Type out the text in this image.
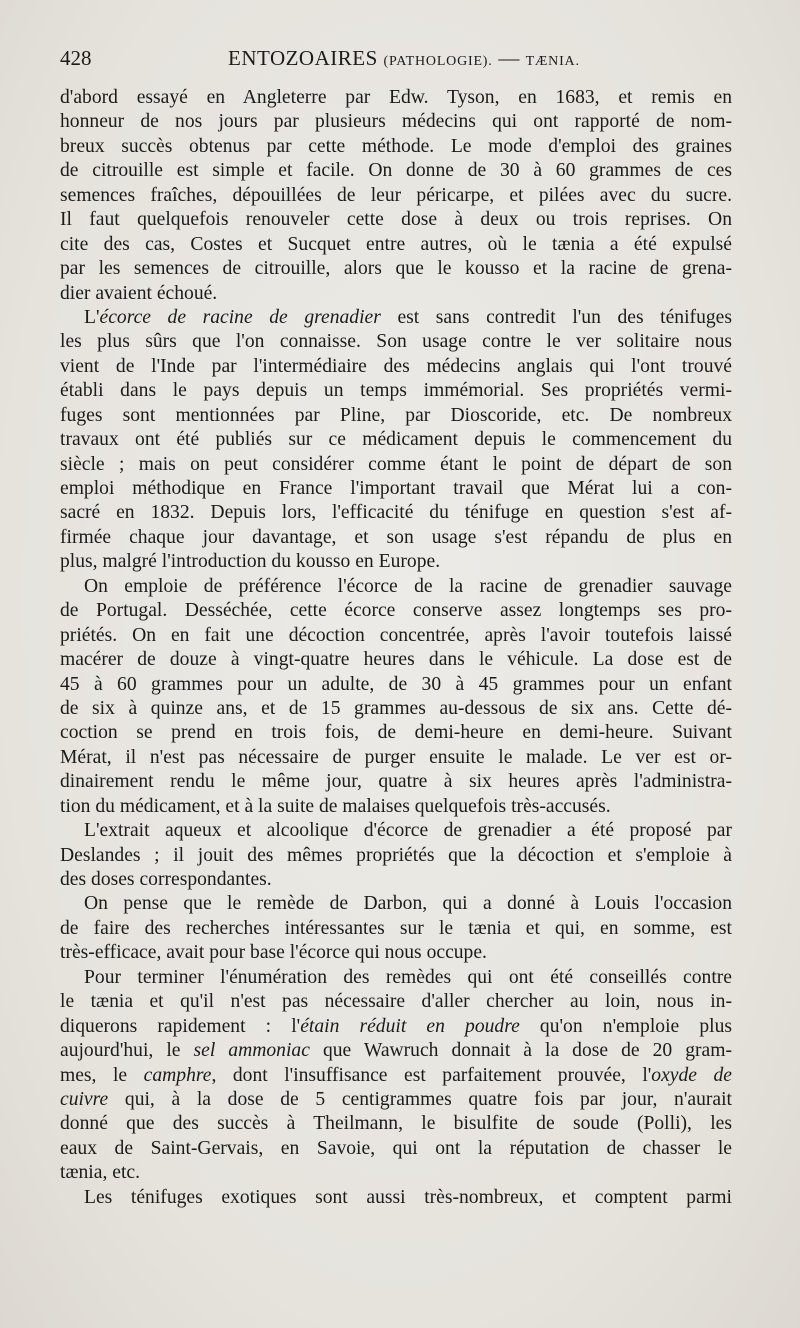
428	ENTOZOAIRES (PATHOLOGIE). — TÆNIA.
d'abord essayé en Angleterre par Edw. Tyson, en 1683, et remis en
honneur de nos jours par plusieurs médecins qui ont rapporté de nom-
breux succès obtenus par cette méthode. Le mode d'emploi des graines
de citrouille est simple et facile. On donne de 30 à 60 grammes de ces
semences fraîches, dépouillées de leur péricarpe, et pilées avec du sucre.
Il faut quelquefois renouveler cette dose à deux ou trois reprises. On
cite des cas, Costes et Sucquet entre autres, où le tænia a été expulsé
par les semences de citrouille, alors que le kousso et la racine de grena-
dier avaient échoué.
L'écorce de racine de grenadier est sans contredit l'un des ténifuges
les plus sûrs que l'on connaisse. Son usage contre le ver solitaire nous
vient de l'Inde par l'intermédiaire des médecins anglais qui l'ont trouvé
établi dans le pays depuis un temps immémorial. Ses propriétés vermi-
fuges sont mentionnées par Pline, par Dioscoride, etc. De nombreux
travaux ont été publiés sur ce médicament depuis le commencement du
siècle ; mais on peut considérer comme étant le point de départ de son
emploi méthodique en France l'important travail que Mérat lui a con-
sacré en 1832. Depuis lors, l'efficacité du ténifuge en question s'est af-
firmée chaque jour davantage, et son usage s'est répandu de plus en
plus, malgré l'introduction du kousso en Europe.
On emploie de préférence l'écorce de la racine de grenadier sauvage
de Portugal. Desséchée, cette écorce conserve assez longtemps ses pro-
priétés. On en fait une décoction concentrée, après l'avoir toutefois laissé
macérer de douze à vingt-quatre heures dans le véhicule. La dose est de
45 à 60 grammes pour un adulte, de 30 à 45 grammes pour un enfant
de six à quinze ans, et de 15 grammes au-dessous de six ans. Cette dé-
coction se prend en trois fois, de demi-heure en demi-heure. Suivant
Mérat, il n'est pas nécessaire de purger ensuite le malade. Le ver est or-
dinairement rendu le même jour, quatre à six heures après l'administra-
tion du médicament, et à la suite de malaises quelquefois très-accusés.
L'extrait aqueux et alcoolique d'écorce de grenadier a été proposé par
Deslandes ; il jouit des mêmes propriétés que la décoction et s'emploie à
des doses correspondantes.
On pense que le remède de Darbon, qui a donné à Louis l'occasion
de faire des recherches intéressantes sur le tænia et qui, en somme, est
très-efficace, avait pour base l'écorce qui nous occupe.
Pour terminer l'énumération des remèdes qui ont été conseillés contre
le tænia et qu'il n'est pas nécessaire d'aller chercher au loin, nous in-
diquerons rapidement : l'étain réduit en poudre qu'on n'emploie plus
aujourd'hui, le sel ammoniac que Wawruch donnait à la dose de 20 gram-
mes, le camphre, dont l'insuffisance est parfaitement prouvée, l'oxyde de
cuivre qui, à la dose de 5 centigrammes quatre fois par jour, n'aurait
donné que des succès à Theilmann, le bisulfite de soude (Polli), les
eaux de Saint-Gervais, en Savoie, qui ont la réputation de chasser le
tænia, etc.
Les ténifuges exotiques sont aussi très-nombreux, et comptent parmi
